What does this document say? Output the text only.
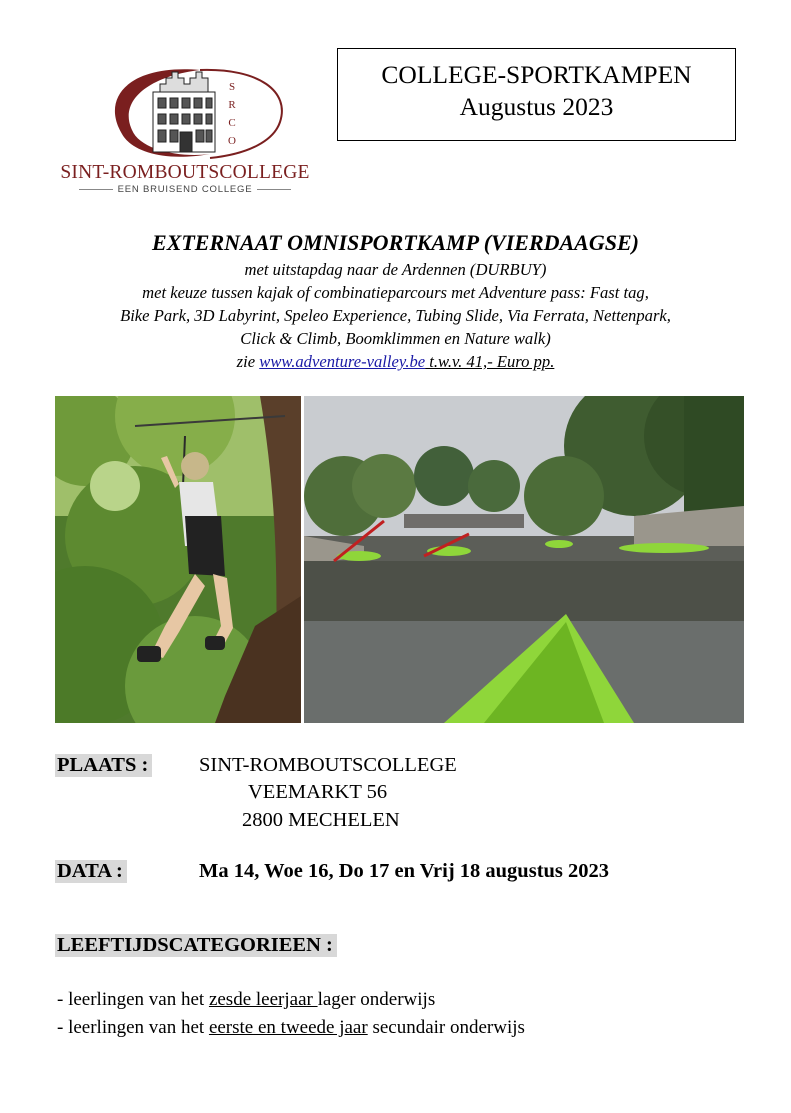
S
R
C
O
SINT-ROMBOUTSCOLLEGE
EEN BRUISEND COLLEGE
COLLEGE-SPORTKAMPEN
Augustus 2023
EXTERNAAT OMNISPORTKAMP (VIERDAAGSE)
met uitstapdag naar de Ardennen (DURBUY)
met keuze tussen kajak of combinatieparcours met Adventure pass: Fast tag,
Bike Park, 3D Labyrint, Speleo Experience, Tubing Slide, Via Ferrata, Nettenpark,
Click & Climb, Boomklimmen en Nature walk)
zie www.adventure-valley.be t.w.v. 41,- Euro pp.
PLAATS : SINT-ROMBOUTSCOLLEGE
VEEMARKT 56
2800 MECHELEN
DATA :	Ma 14, Woe 16, Do 17 en Vrij 18 augustus 2023
LEEFTIJDSCATEGORIEEN :
- leerlingen van het zesde leerjaar lager onderwijs
- leerlingen van het eerste en tweede jaar secundair onderwijs
